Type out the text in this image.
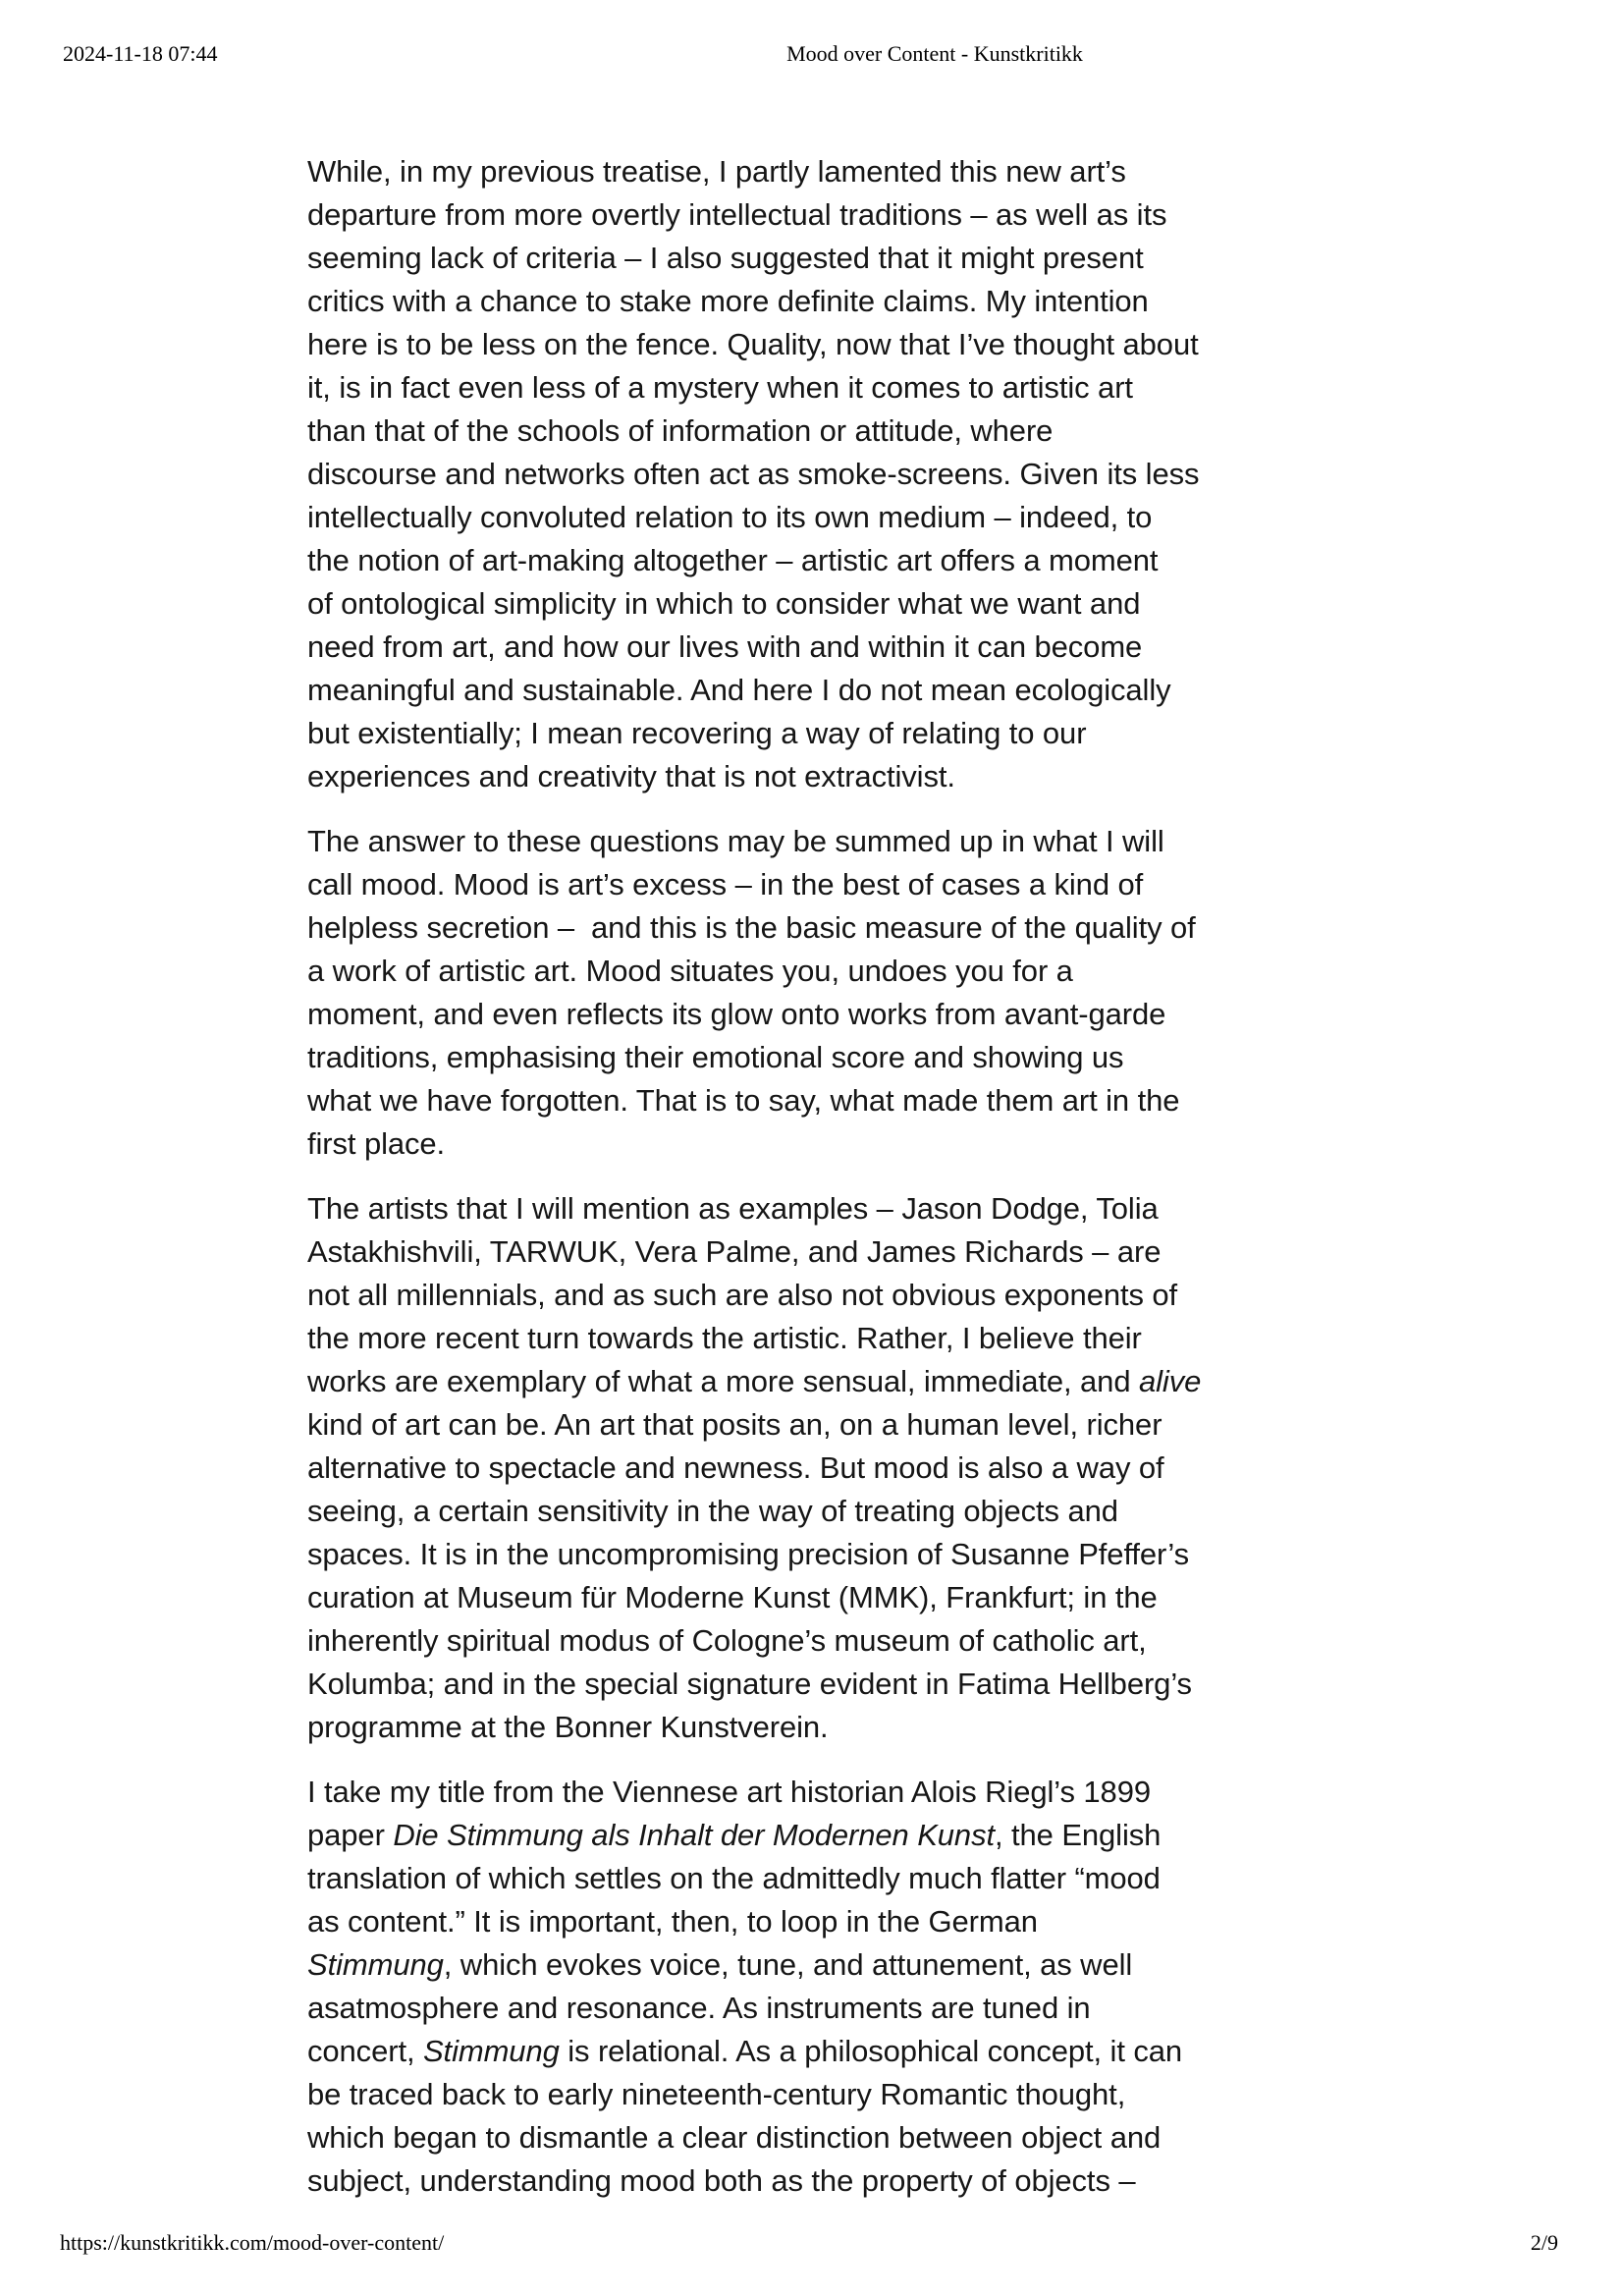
2024-11-18 07:44	Mood over Content - Kunstkritikk

While, in my previous treatise, I partly lamented this new art’s
departure from more overtly intellectual traditions – as well as its
seeming lack of criteria – I also suggested that it might present
critics with a chance to stake more definite claims. My intention
here is to be less on the fence. Quality, now that I’ve thought about
it, is in fact even less of a mystery when it comes to artistic art
than that of the schools of information or attitude, where
discourse and networks often act as smoke-screens. Given its less
intellectually convoluted relation to its own medium – indeed, to
the notion of art-making altogether – artistic art offers a moment
of ontological simplicity in which to consider what we want and
need from art, and how our lives with and within it can become
meaningful and sustainable. And here I do not mean ecologically
but existentially; I mean recovering a way of relating to our
experiences and creativity that is not extractivist.

The answer to these questions may be summed up in what I will
call mood. Mood is art’s excess – in the best of cases a kind of
helpless secretion –  and this is the basic measure of the quality of
a work of artistic art. Mood situates you, undoes you for a
moment, and even reflects its glow onto works from avant-garde
traditions, emphasising their emotional score and showing us
what we have forgotten. That is to say, what made them art in the
first place.

The artists that I will mention as examples – Jason Dodge, Tolia
Astakhishvili, TARWUK, Vera Palme, and James Richards – are
not all millennials, and as such are also not obvious exponents of
the more recent turn towards the artistic. Rather, I believe their
works are exemplary of what a more sensual, immediate, and alive
kind of art can be. An art that posits an, on a human level, richer
alternative to spectacle and newness. But mood is also a way of
seeing, a certain sensitivity in the way of treating objects and
spaces. It is in the uncompromising precision of Susanne Pfeffer’s
curation at Museum für Moderne Kunst (MMK), Frankfurt; in the
inherently spiritual modus of Cologne’s museum of catholic art,
Kolumba; and in the special signature evident in Fatima Hellberg’s
programme at the Bonner Kunstverein.

I take my title from the Viennese art historian Alois Riegl’s 1899
paper Die Stimmung als Inhalt der Modernen Kunst, the English
translation of which settles on the admittedly much flatter “mood
as content.” It is important, then, to loop in the German
Stimmung, which evokes voice, tune, and attunement, as well
asatmosphere and resonance. As instruments are tuned in
concert, Stimmung is relational. As a philosophical concept, it can
be traced back to early nineteenth-century Romantic thought,
which began to dismantle a clear distinction between object and
subject, understanding mood both as the property of objects –

https://kunstkritikk.com/mood-over-content/	2/9
